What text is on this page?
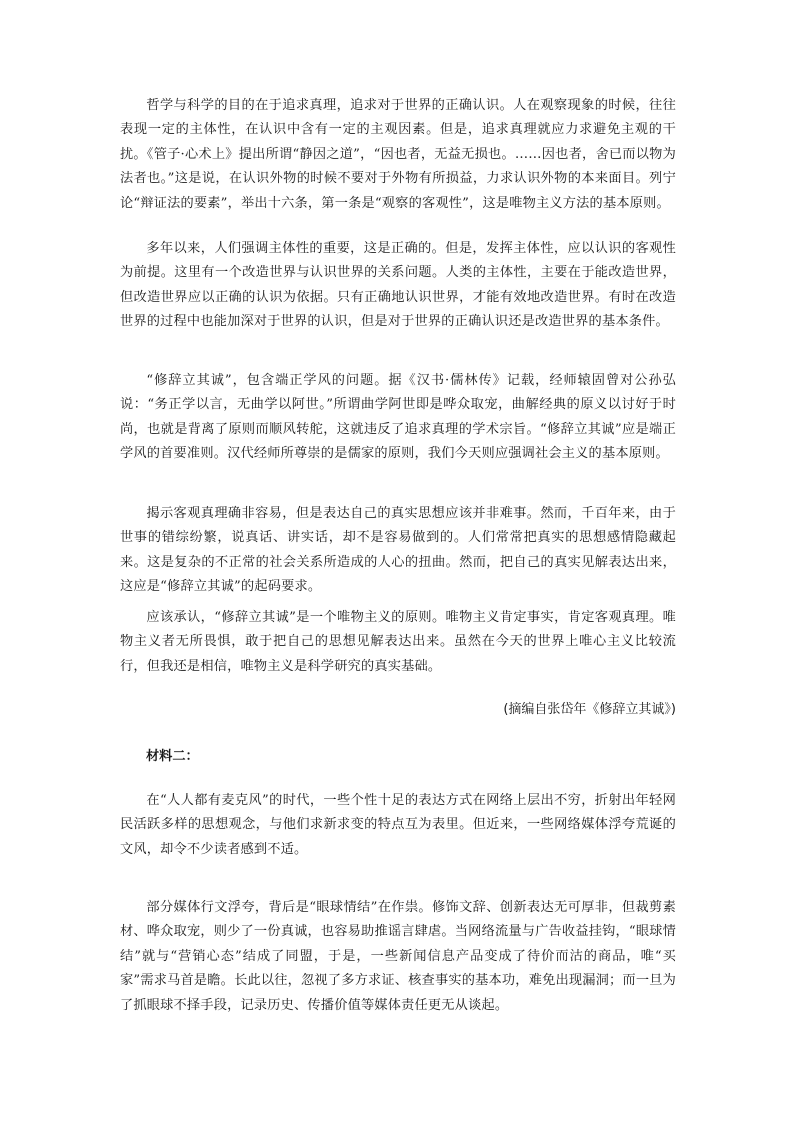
哲学与科学的目的在于追求真理，追求对于世界的正确认识。人在观察现象的时候，往往表现一定的主体性，在认识中含有一定的主观因素。但是，追求真理就应力求避免主观的干扰。《管子·心术上》提出所谓“静因之道”，“因也者，无益无损也。……因也者，舍已而以物为法者也。”这是说，在认识外物的时候不要对于外物有所损益，力求认识外物的本来面目。列宁论“辩证法的要素”，举出十六条，第一条是“观察的客观性”，这是唯物主义方法的基本原则。

多年以来，人们强调主体性的重要，这是正确的。但是，发挥主体性，应以认识的客观性为前提。这里有一个改造世界与认识世界的关系问题。人类的主体性，主要在于能改造世界，但改造世界应以正确的认识为依据。只有正确地认识世界，才能有效地改造世界。有时在改造世界的过程中也能加深对于世界的认识，但是对于世界的正确认识还是改造世界的基本条件。

“修辞立其诚”，包含端正学风的问题。据《汉书·儒林传》记载，经师辕固曾对公孙弘说：“务正学以言，无曲学以阿世。”所谓曲学阿世即是哗众取宠，曲解经典的原义以讨好于时尚，也就是背离了原则而顺风转舵，这就违反了追求真理的学术宗旨。“修辞立其诚”应是端正学风的首要准则。汉代经师所尊崇的是儒家的原则，我们今天则应强调社会主义的基本原则。

揭示客观真理确非容易，但是表达自己的真实思想应该并非难事。然而，千百年来，由于世事的错综纷繁，说真话、讲实话，却不是容易做到的。人们常常把真实的思想感情隐藏起来。这是复杂的不正常的社会关系所造成的人心的扭曲。然而，把自己的真实见解表达出来，这应是“修辞立其诚”的起码要求。

应该承认，“修辞立其诚”是一个唯物主义的原则。唯物主义肯定事实，肯定客观真理。唯物主义者无所畏惧，敢于把自己的思想见解表达出来。虽然在今天的世界上唯心主义比较流行，但我还是相信，唯物主义是科学研究的真实基础。

(摘编自张岱年《修辞立其诚》)

材料二：

在“人人都有麦克风”的时代，一些个性十足的表达方式在网络上层出不穷，折射出年轻网民活跃多样的思想观念，与他们求新求变的特点互为表里。但近来，一些网络媒体浮夸荒诞的文风，却令不少读者感到不适。

部分媒体行文浮夸，背后是“眼球情结”在作祟。修饰文辞、创新表达无可厚非，但裁剪素材、哗众取宠，则少了一份真诚，也容易助推谣言肆虐。当网络流量与广告收益挂钩，“眼球情结”就与“营销心态”结成了同盟，于是，一些新闻信息产品变成了待价而沽的商品，唯“买家”需求马首是瞻。长此以往，忽视了多方求证、核查事实的基本功，难免出现漏洞；而一旦为了抓眼球不择手段，记录历史、传播价值等媒体责任更无从谈起。
